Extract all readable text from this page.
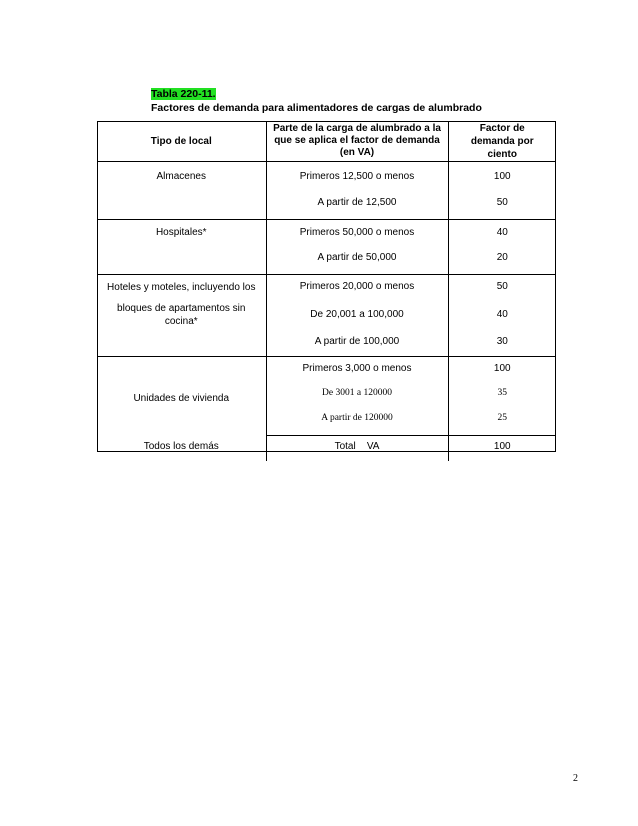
Tabla 220-11.
Factores de demanda para alimentadores de cargas de alumbrado
Tipo de local	Parte de la carga de alumbrado a la que se aplica el factor de demanda (en VA)	Factor de demanda por ciento
Almacenes	Primeros 12,500 o menos	100
	A partir de 12,500	50
Hospitales*	Primeros 50,000 o menos	40
	A partir de 50,000	20

Hoteles y moteles, incluyendo los
bloques de apartamentos sin cocina*	Primeros 20,000 o menos	50
	De 20,001 a 100,000	40
	A partir de 100,000	30
Unidades de vivienda	Primeros 3,000 o menos	100
	De 3001 a 120000	35
	A partir de 120000	25
Todos los demás	Total    VA	100
2
